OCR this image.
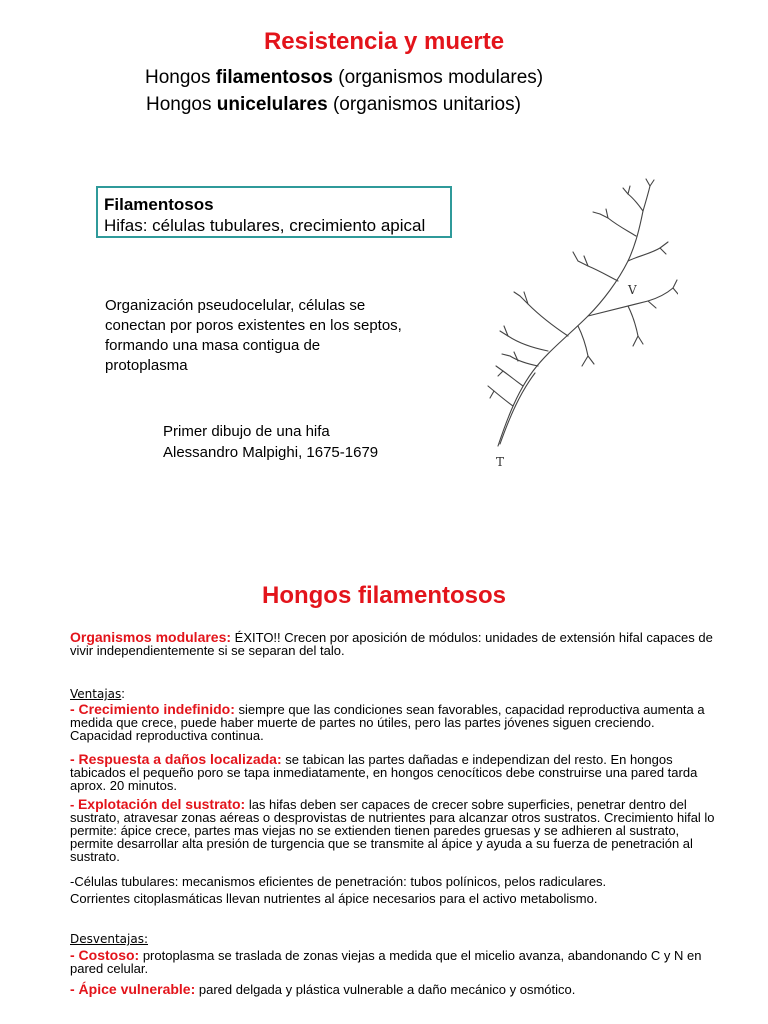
Resistencia y muerte
Hongos filamentosos (organismos modulares)
Hongos unicelulares (organismos unitarios)
Filamentosos
Hifas: células tubulares, crecimiento apical
Organización pseudocelular, células se conectan por poros existentes en los septos, formando una masa contigua de protoplasma
Primer dibujo de una hifa
Alessandro Malpighi, 1675-1679
V
T
Hongos filamentosos
Organismos modulares: ÉXITO!! Crecen por aposición de módulos: unidades de extensión hifal capaces de vivir independientemente si se separan del talo.
Ventajas:
- Crecimiento indefinido: siempre que las condiciones sean favorables, capacidad reproductiva aumenta a medida que crece, puede haber muerte de partes no útiles, pero las partes jóvenes siguen creciendo. Capacidad reproductiva continua.
- Respuesta a daños localizada: se tabican las partes dañadas e independizan del resto. En hongos tabicados el pequeño poro se tapa inmediatamente, en hongos cenocíticos debe construirse una pared tarda aprox. 20 minutos.
- Explotación del sustrato: las hifas deben ser capaces de crecer sobre superficies, penetrar dentro del sustrato, atravesar zonas aéreas o desprovistas de nutrientes para alcanzar otros sustratos. Crecimiento hifal lo permite: ápice crece, partes mas viejas no se extienden tienen paredes gruesas y se adhieren al sustrato, permite desarrollar alta presión de turgencia que se transmite al ápice y ayuda a su fuerza de penetración al sustrato.
-Células tubulares: mecanismos eficientes de penetración: tubos polínicos, pelos radiculares.
Corrientes citoplasmáticas llevan nutrientes al ápice necesarios para el activo metabolismo.
Desventajas:
- Costoso: protoplasma se traslada de zonas viejas a medida que el micelio avanza, abandonando C y N en pared celular.
- Ápice vulnerable: pared delgada y plástica vulnerable a daño mecánico y osmótico.
